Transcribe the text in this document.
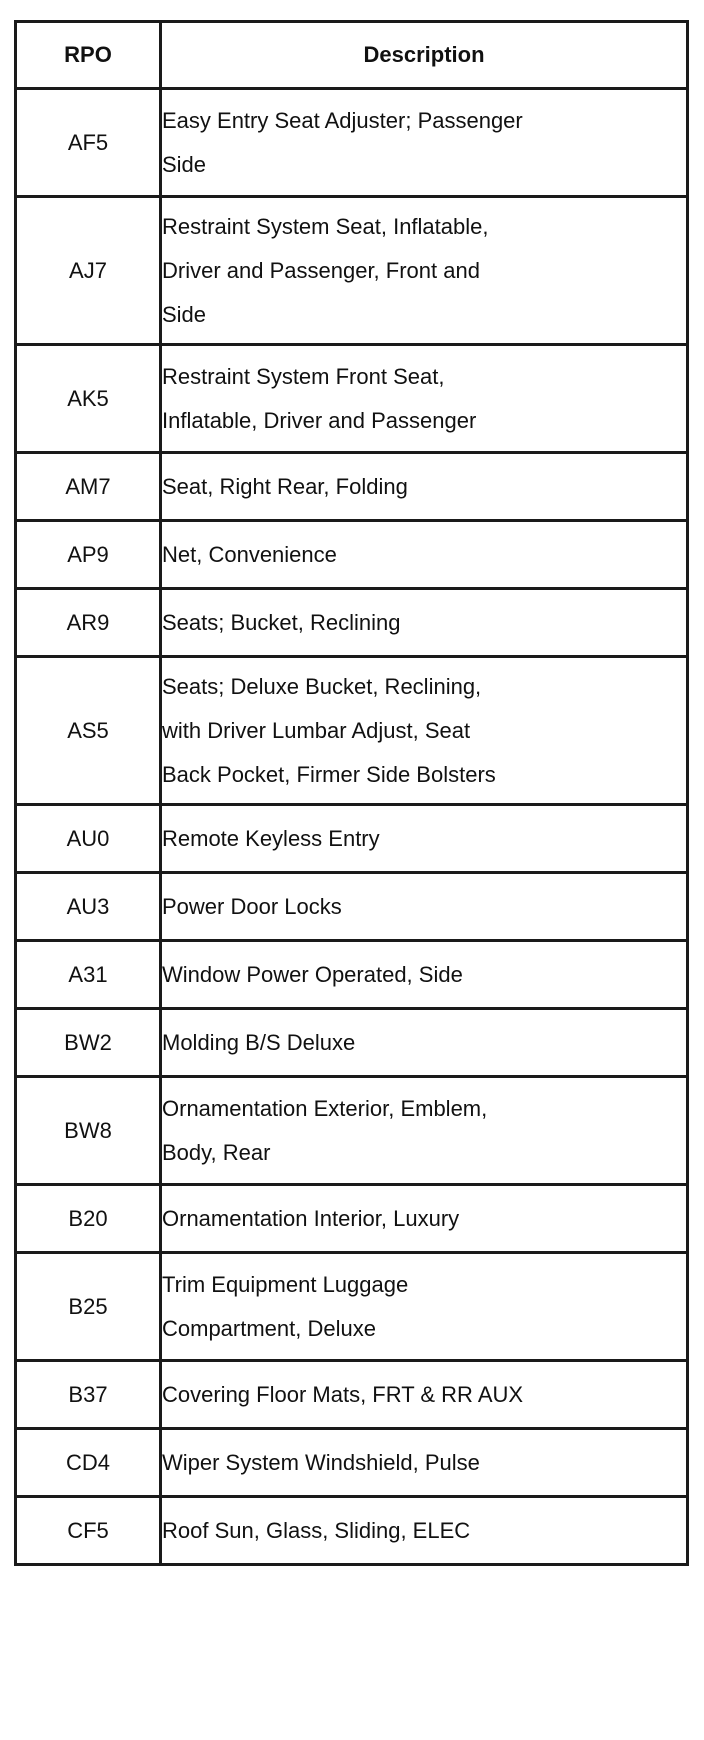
RPO	Description
AF5	Easy Entry Seat Adjuster; Passenger
Side

AJ7	Restraint System Seat, Inflatable,
Driver and Passenger, Front and
Side

AK5	Restraint System Front Seat,
Inflatable, Driver and Passenger

AM7	Seat, Right Rear, Folding

AP9	Net, Convenience

AR9	Seats; Bucket, Reclining

AS5	Seats; Deluxe Bucket, Reclining,
with Driver Lumbar Adjust, Seat
Back Pocket, Firmer Side Bolsters

AU0	Remote Keyless Entry

AU3	Power Door Locks

A31	Window Power Operated, Side

BW2	Molding B/S Deluxe

BW8	Ornamentation Exterior, Emblem,
Body, Rear

B20	Ornamentation Interior, Luxury

B25	Trim Equipment Luggage
Compartment, Deluxe

B37	Covering Floor Mats, FRT & RR AUX

CD4	Wiper System Windshield, Pulse

CF5	Roof Sun, Glass, Sliding, ELEC
